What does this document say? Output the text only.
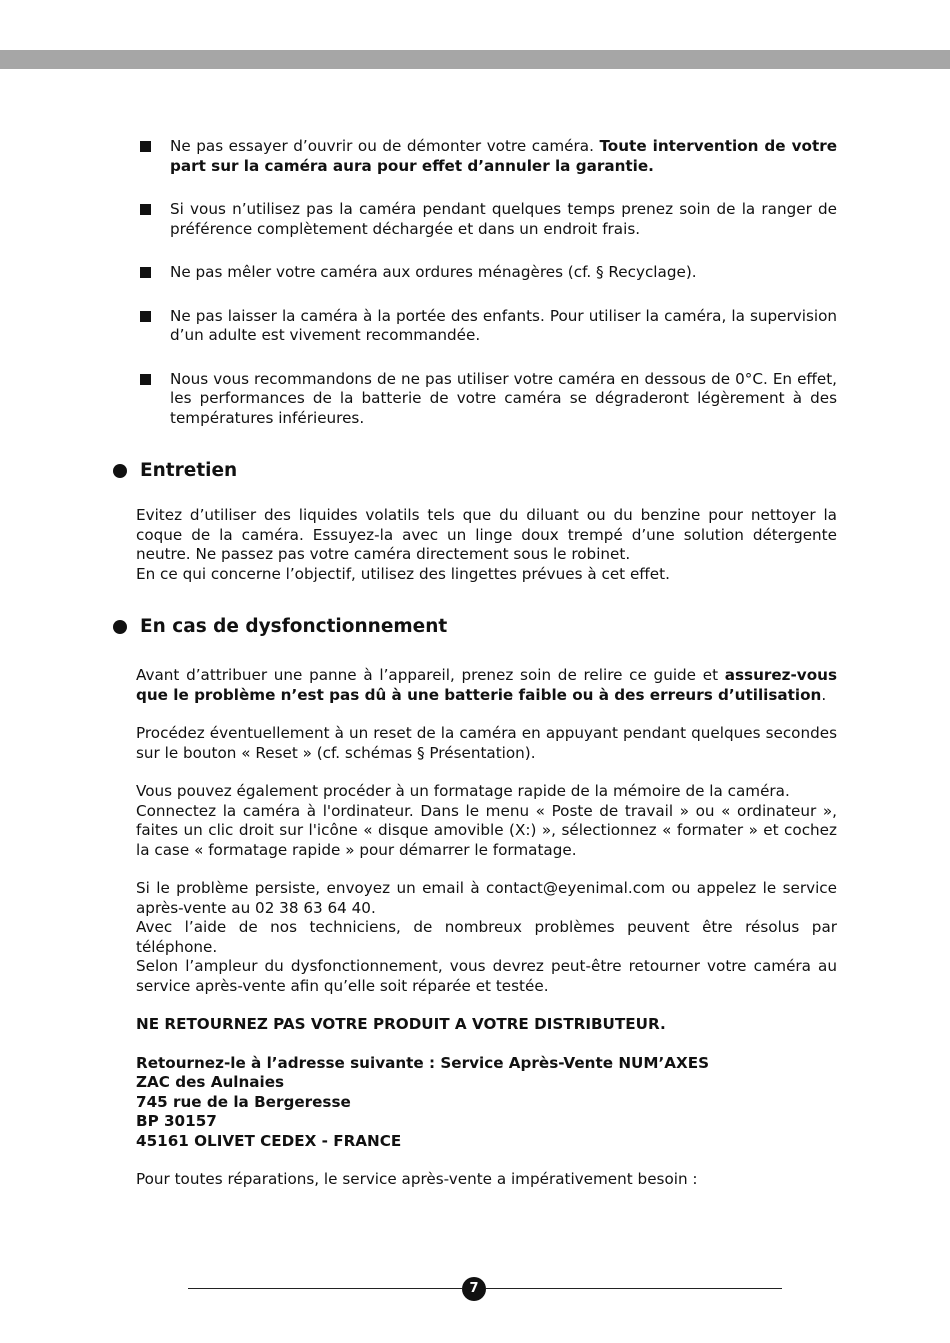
Ne pas essayer d’ouvrir ou de démonter votre caméra. Toute intervention de votre part sur la caméra aura pour effet d’annuler la garantie.
Si vous n’utilisez pas la caméra pendant quelques temps prenez soin de la ranger de préférence complètement déchargée et dans un endroit frais.
Ne pas mêler votre caméra aux ordures ménagères (cf. § Recyclage).
Ne pas laisser la caméra à la portée des enfants. Pour utiliser la caméra, la supervision d’un adulte est vivement recommandée.
Nous vous recommandons de ne pas utiliser votre caméra en dessous de 0°C. En effet, les performances de la batterie de votre caméra se dégraderont légèrement à des températures inférieures.
Entretien

Evitez d’utiliser des liquides volatils tels que du diluant ou du benzine pour nettoyer la coque de la caméra. Essuyez-la avec un linge doux trempé d’une solution détergente neutre. Ne passez pas votre caméra directement sous le robinet.

En ce qui concerne l’objectif, utilisez des lingettes prévues à cet effet.

En cas de dysfonctionnement

Avant d’attribuer une panne à l’appareil, prenez soin de relire ce guide et assurez-vous que le problème n’est pas dû à une batterie faible ou à des erreurs d’utilisation.

Procédez éventuellement à un reset de la caméra en appuyant pendant quelques secondes sur le bouton « Reset » (cf. schémas § Présentation).

Vous pouvez également procéder à un formatage rapide de la mémoire de la caméra.

Connectez la caméra à l'ordinateur. Dans le menu « Poste de travail » ou « ordinateur », faites un clic droit sur l'icône « disque amovible (X:) », sélectionnez « formater » et cochez la case « formatage rapide » pour démarrer le formatage.

Si le problème persiste, envoyez un email à contact@eyenimal.com ou appelez le service après-vente au 02 38 63 64 40.

Avec l’aide de nos techniciens, de nombreux problèmes peuvent être résolus par téléphone.

Selon l’ampleur du dysfonctionnement, vous devrez peut-être retourner votre caméra au service après-vente afin qu’elle soit réparée et testée.

NE RETOURNEZ PAS VOTRE PRODUIT A VOTRE DISTRIBUTEUR.

Retournez-le à l’adresse suivante : Service Après-Vente NUM’AXES
ZAC des Aulnaies
745 rue de la Bergeresse
BP 30157
45161 OLIVET CEDEX - FRANCE

Pour toutes réparations, le service après-vente a impérativement besoin :

7
